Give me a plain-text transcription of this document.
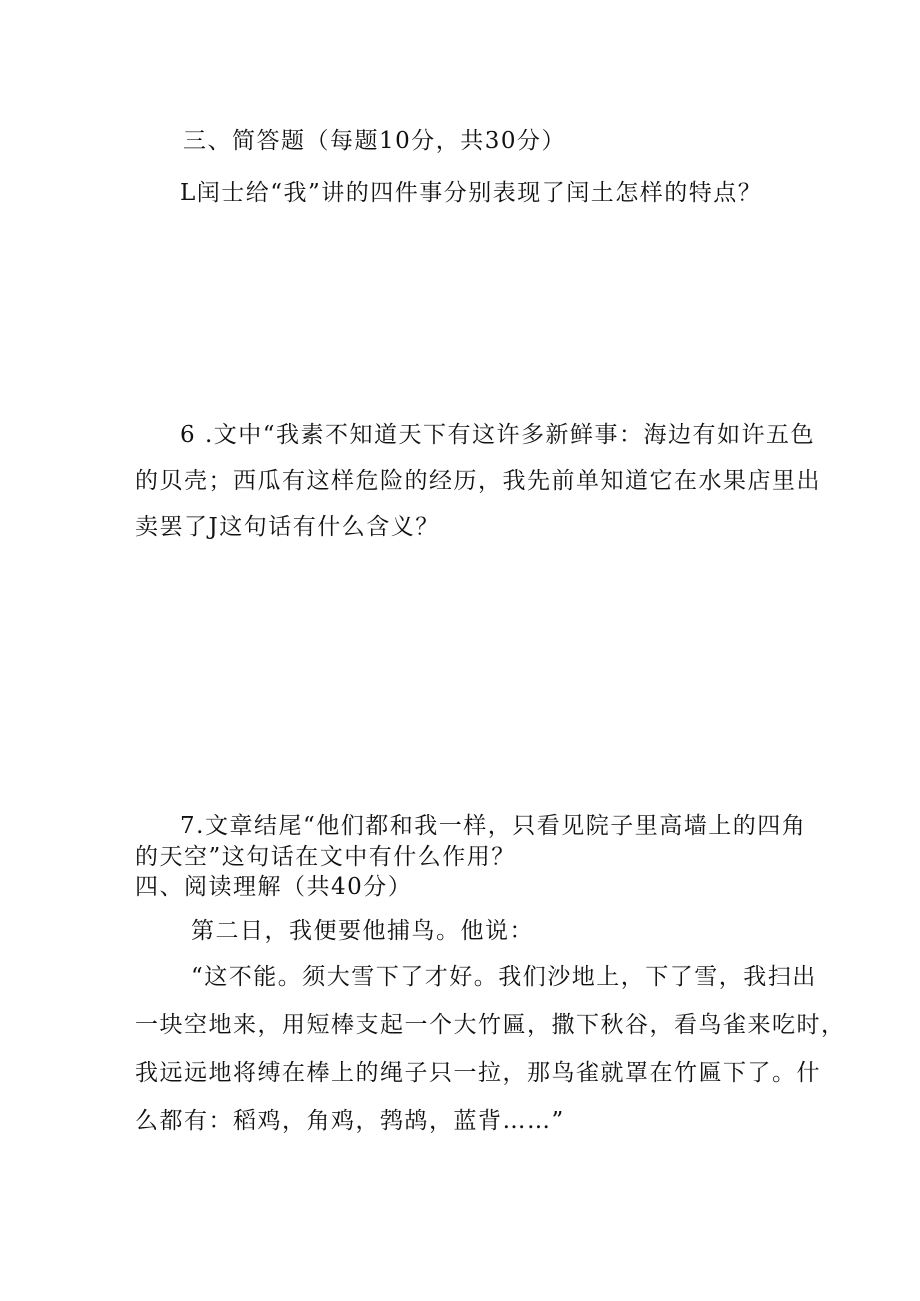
三、简答题（每题10分，共30分）
L闰士给“我”讲的四件事分别表现了闰土怎样的特点？
6 .文中“我素不知道天下有这许多新鲜事：海边有如许五色
的贝壳；西瓜有这样危险的经历，我先前单知道它在水果店里出
卖罢了J这句话有什么含义？
7.文章结尾“他们都和我一样，只看见院子里高墙上的四角
的天空”这句话在文中有什么作用？
四、阅读理解（共40分）
第二日，我便要他捕鸟。他说：
“这不能。须大雪下了才好。我们沙地上，下了雪，我扫出
一块空地来，用短棒支起一个大竹匾，撒下秋谷，看鸟雀来吃时，
我远远地将缚在棒上的绳子只一拉，那鸟雀就罩在竹匾下了。什
么都有：稻鸡，角鸡，鹁鸪，蓝背……”
